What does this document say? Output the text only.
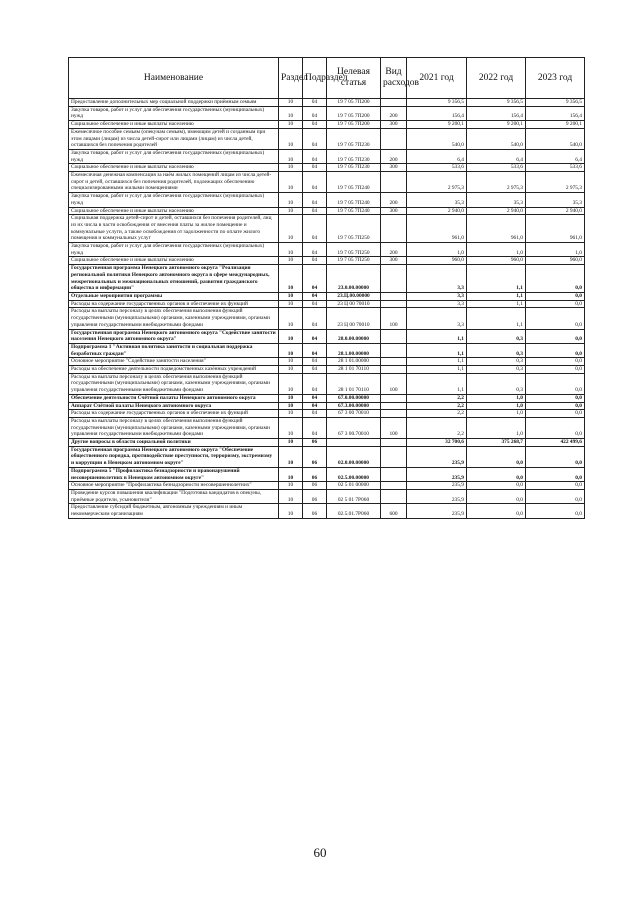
Наименование	Раздел	Подраздел	Целевая статья	Вид расходов	2021 год	2022 год	2023 год
Предоставление дополнительных мер социальной поддержки приёмным семьям	10	04	19 7 05 7П200		9 356,5	9 356,5	9 356,5
Закупка товаров, работ и услуг для обеспечения государственных (муниципальных) нужд	10	04	19 7 05 7П200	200	156,4	156,4	156,4
Социальное обеспечение и иные выплаты населению	10	04	19 7 05 7П200	300	9 200,1	9 200,1	9 200,1
Ежемесячное пособие семьям (опекунам семьям), имеющим детей и созданным при этом лицами (лицам) из числа детей-сирот или лицами (лицам) из числа детей, оставшихся без попечения родителей	10	04	19 7 05 7П230		540,0	540,0	540,0
Закупка товаров, работ и услуг для обеспечения государственных (муниципальных) нужд	10	04	19 7 05 7П230	200	6,4	6,4	6,4
Социальное обеспечение и иные выплаты населению	10	04	19 7 05 7П230	300	533,6	533,6	533,6
Ежемесячная денежная компенсация за наём жилых помещений лицам из числа детей-сирот и детей, оставшихся без попечения родителей, подлежащих обеспечению специализированными жилыми помещениями	10	04	19 7 05 7П240		2 975,3	2 975,3	2 975,3
Закупка товаров, работ и услуг для обеспечения государственных (муниципальных) нужд	10	04	19 7 05 7П240	200	35,3	35,3	35,3
Социальное обеспечение и иные выплаты населению	10	04	19 7 05 7П240	300	2 940,0	2 940,0	2 940,0
Социальная поддержка детей-сирот и детей, оставшихся без попечения родителей, лиц из их числа в части освобождения от внесения платы за жилое помещение и коммунальные услуги, а также освобождения от задолженности по оплате жилого помещения и коммунальных услуг	10	04	19 7 05 7П250		961,0	961,0	961,0
Закупка товаров, работ и услуг для обеспечения государственных (муниципальных) нужд	10	04	19 7 05 7П250	200	1,0	1,0	1,0
Социальное обеспечение и иные выплаты населению	10	04	19 7 05 7П250	300	960,0	960,0	960,0
Государственная программа Ненецкого автономного округа "Реализация региональной политики Ненецкого автономного округа в сфере международных, межрегиональных и межнациональных отношений, развития гражданского общества и информации"	10	04	23.0.00.00000		3,3	1,1	0,0
Отдельные мероприятия программы	10	04	23.Ц.00.00000		3,3	1,1	0,0
Расходы на содержание государственных органов и обеспечение их функций	10	04	23 Ц 00 70010		3,3	1,1	0,0
Расходы на выплаты персоналу в целях обеспечения выполнения функций государственными (муниципальными) органами, казенными учреждениями, органами управления государственными внебюджетными фондами	10	04	23 Ц 00 70010	100	3,3	1,1	0,0
Государственная программа Ненецкого автономного округа "Содействие занятости населения Ненецкого автономного округа"	10	04	28.0.00.00000		1,1	0,3	0,0
Подпрограмма 1 "Активная политика занятости и социальная поддержка безработных граждан"	10	04	28.1.00.00000		1,1	0,3	0,0
Основное мероприятие "Содействие занятости населения"	10	04	28 1 01.00000		1,1	0,3	0,0
Расходы на обеспечение деятельности подведомственных казённых учреждений	10	04	28 1 01 70110		1,1	0,3	0,0
Расходы на выплаты персоналу в целях обеспечения выполнения функций государственными (муниципальными) органами, казенными учреждениями, органами управления государственными внебюджетными фондами	10	04	28 1 01 70110	100	1,1	0,3	0,0
Обеспечение деятельности Счётной палаты Ненецкого автономного округа	10	04	67.0.00.00000		2,2	1,0	0,0
Аппарат Счётной палаты Ненецкого автономного округа	10	04	67.3.00.00000		2,2	1,0	0,0
Расходы на содержание государственных органов и обеспечение их функций	10	04	67 3 00 70010		2,2	1,0	0,0
Расходы на выплаты персоналу в целях обеспечения выполнения функций государственными (муниципальными) органами, казенными учреждениями, органами управления государственными внебюджетными фондами	10	04	67 3 00.70010	100	2,2	1,0	0,0
Другие вопросы в области социальной политики	10	06			32 700,6	375 268,7	422 499,6
Государственная программа Ненецкого автономного округа "Обеспечение общественного порядка, противодействие преступности, терроризму, экстремизму и коррупции в Ненецком автономном округе"	10	06	02.0.00.00000		235,9	0,0	0,0
Подпрограмма 5 "Профилактика безнадзорности и правонарушений несовершеннолетних в Ненецком автономном округе"	10	06	02.5.00.00000		235,9	0,0	0,0
Основное мероприятие "Профилактика безнадзорности несовершеннолетних"	10	06	02 5 01 00000		235,9	0,0	0,0
Проведение курсов повышения квалификации "Подготовка кандидатов в опекуны, приёмные родители, усыновители"	10	06	02 5 01 7Р060		235,9	0,0	0,0
Предоставление субсидий бюджетным, автономным учреждениям и иным некоммерческим организациям	10	06	02.5.01.7Р060	600	235,9	0,0	0,0
60
